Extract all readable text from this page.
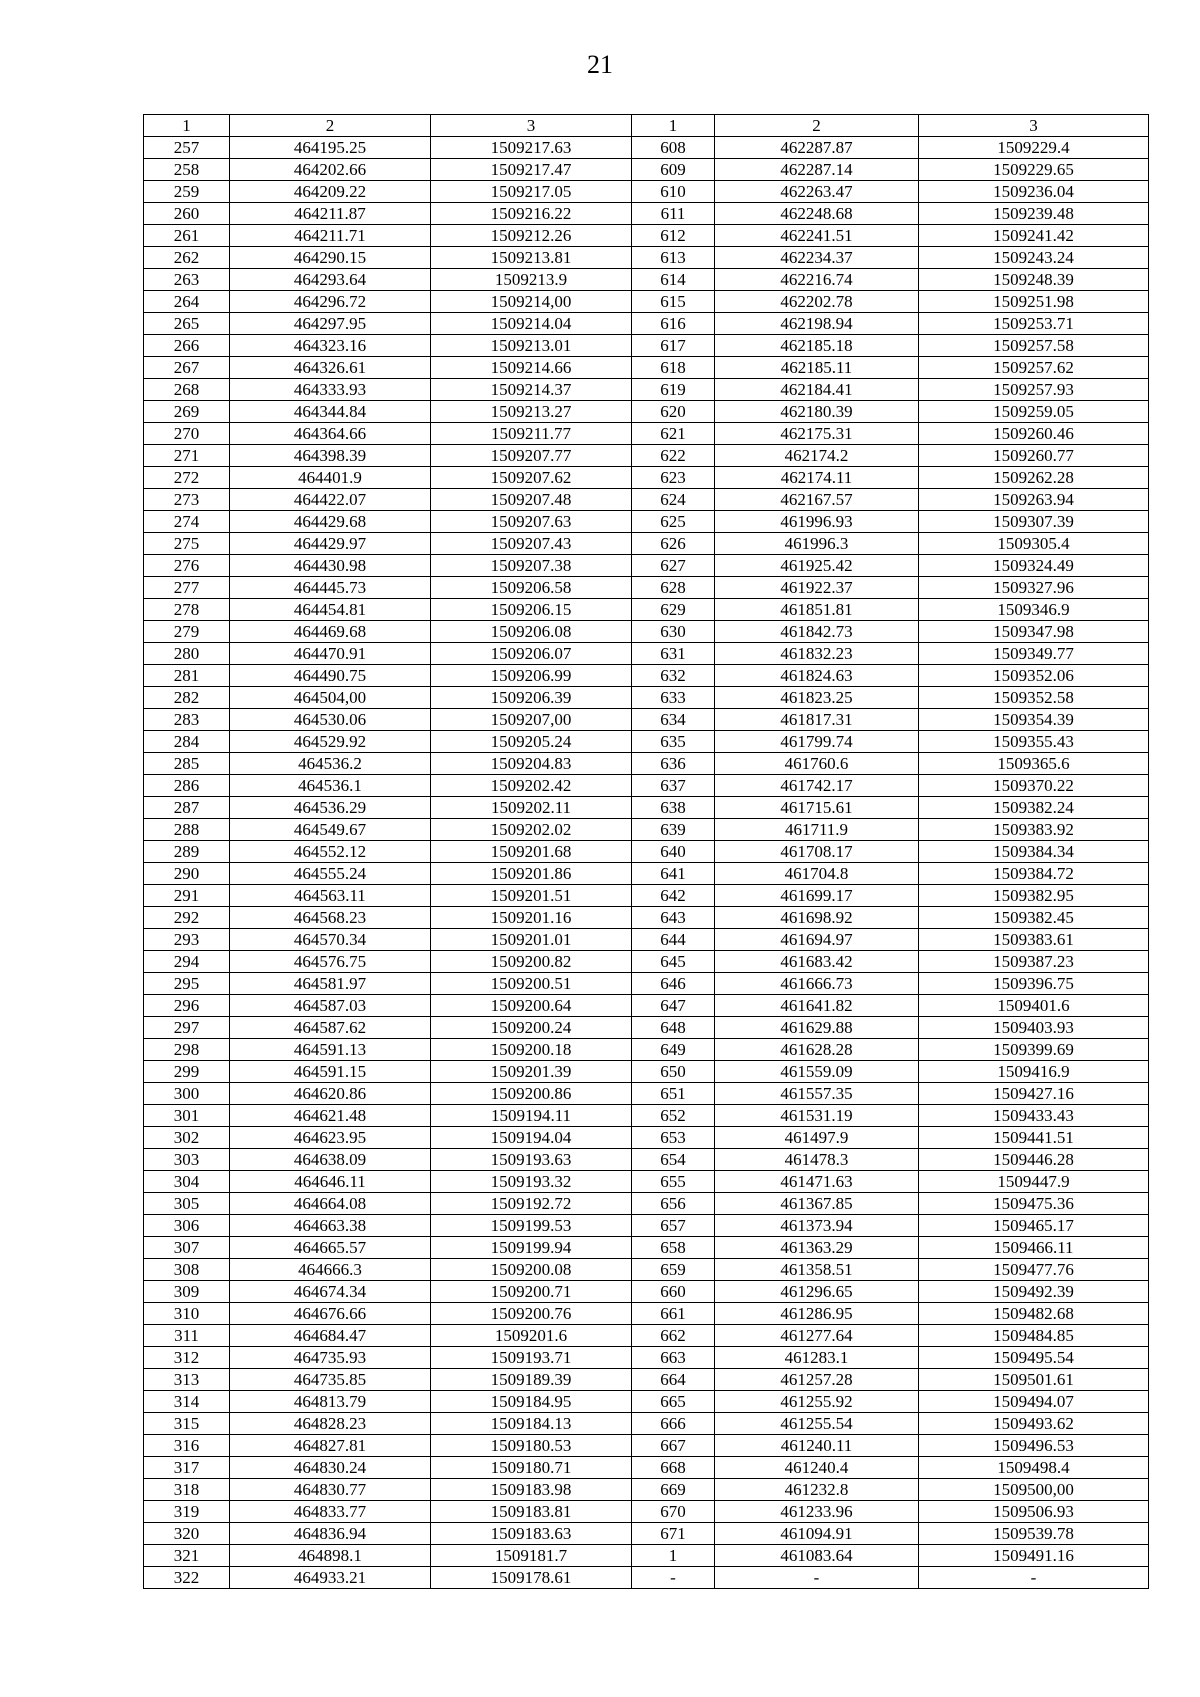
21
1	2	3	1	2	3
257	464195.25	1509217.63	608	462287.87	1509229.4
258	464202.66	1509217.47	609	462287.14	1509229.65
259	464209.22	1509217.05	610	462263.47	1509236.04
260	464211.87	1509216.22	611	462248.68	1509239.48
261	464211.71	1509212.26	612	462241.51	1509241.42
262	464290.15	1509213.81	613	462234.37	1509243.24
263	464293.64	1509213.9	614	462216.74	1509248.39
264	464296.72	1509214,00	615	462202.78	1509251.98
265	464297.95	1509214.04	616	462198.94	1509253.71
266	464323.16	1509213.01	617	462185.18	1509257.58
267	464326.61	1509214.66	618	462185.11	1509257.62
268	464333.93	1509214.37	619	462184.41	1509257.93
269	464344.84	1509213.27	620	462180.39	1509259.05
270	464364.66	1509211.77	621	462175.31	1509260.46
271	464398.39	1509207.77	622	462174.2	1509260.77
272	464401.9	1509207.62	623	462174.11	1509262.28
273	464422.07	1509207.48	624	462167.57	1509263.94
274	464429.68	1509207.63	625	461996.93	1509307.39
275	464429.97	1509207.43	626	461996.3	1509305.4
276	464430.98	1509207.38	627	461925.42	1509324.49
277	464445.73	1509206.58	628	461922.37	1509327.96
278	464454.81	1509206.15	629	461851.81	1509346.9
279	464469.68	1509206.08	630	461842.73	1509347.98
280	464470.91	1509206.07	631	461832.23	1509349.77
281	464490.75	1509206.99	632	461824.63	1509352.06
282	464504,00	1509206.39	633	461823.25	1509352.58
283	464530.06	1509207,00	634	461817.31	1509354.39
284	464529.92	1509205.24	635	461799.74	1509355.43
285	464536.2	1509204.83	636	461760.6	1509365.6
286	464536.1	1509202.42	637	461742.17	1509370.22
287	464536.29	1509202.11	638	461715.61	1509382.24
288	464549.67	1509202.02	639	461711.9	1509383.92
289	464552.12	1509201.68	640	461708.17	1509384.34
290	464555.24	1509201.86	641	461704.8	1509384.72
291	464563.11	1509201.51	642	461699.17	1509382.95
292	464568.23	1509201.16	643	461698.92	1509382.45
293	464570.34	1509201.01	644	461694.97	1509383.61
294	464576.75	1509200.82	645	461683.42	1509387.23
295	464581.97	1509200.51	646	461666.73	1509396.75
296	464587.03	1509200.64	647	461641.82	1509401.6
297	464587.62	1509200.24	648	461629.88	1509403.93
298	464591.13	1509200.18	649	461628.28	1509399.69
299	464591.15	1509201.39	650	461559.09	1509416.9
300	464620.86	1509200.86	651	461557.35	1509427.16
301	464621.48	1509194.11	652	461531.19	1509433.43
302	464623.95	1509194.04	653	461497.9	1509441.51
303	464638.09	1509193.63	654	461478.3	1509446.28
304	464646.11	1509193.32	655	461471.63	1509447.9
305	464664.08	1509192.72	656	461367.85	1509475.36
306	464663.38	1509199.53	657	461373.94	1509465.17
307	464665.57	1509199.94	658	461363.29	1509466.11
308	464666.3	1509200.08	659	461358.51	1509477.76
309	464674.34	1509200.71	660	461296.65	1509492.39
310	464676.66	1509200.76	661	461286.95	1509482.68
311	464684.47	1509201.6	662	461277.64	1509484.85
312	464735.93	1509193.71	663	461283.1	1509495.54
313	464735.85	1509189.39	664	461257.28	1509501.61
314	464813.79	1509184.95	665	461255.92	1509494.07
315	464828.23	1509184.13	666	461255.54	1509493.62
316	464827.81	1509180.53	667	461240.11	1509496.53
317	464830.24	1509180.71	668	461240.4	1509498.4
318	464830.77	1509183.98	669	461232.8	1509500,00
319	464833.77	1509183.81	670	461233.96	1509506.93
320	464836.94	1509183.63	671	461094.91	1509539.78
321	464898.1	1509181.7	1	461083.64	1509491.16
322	464933.21	1509178.61	-	-	-
